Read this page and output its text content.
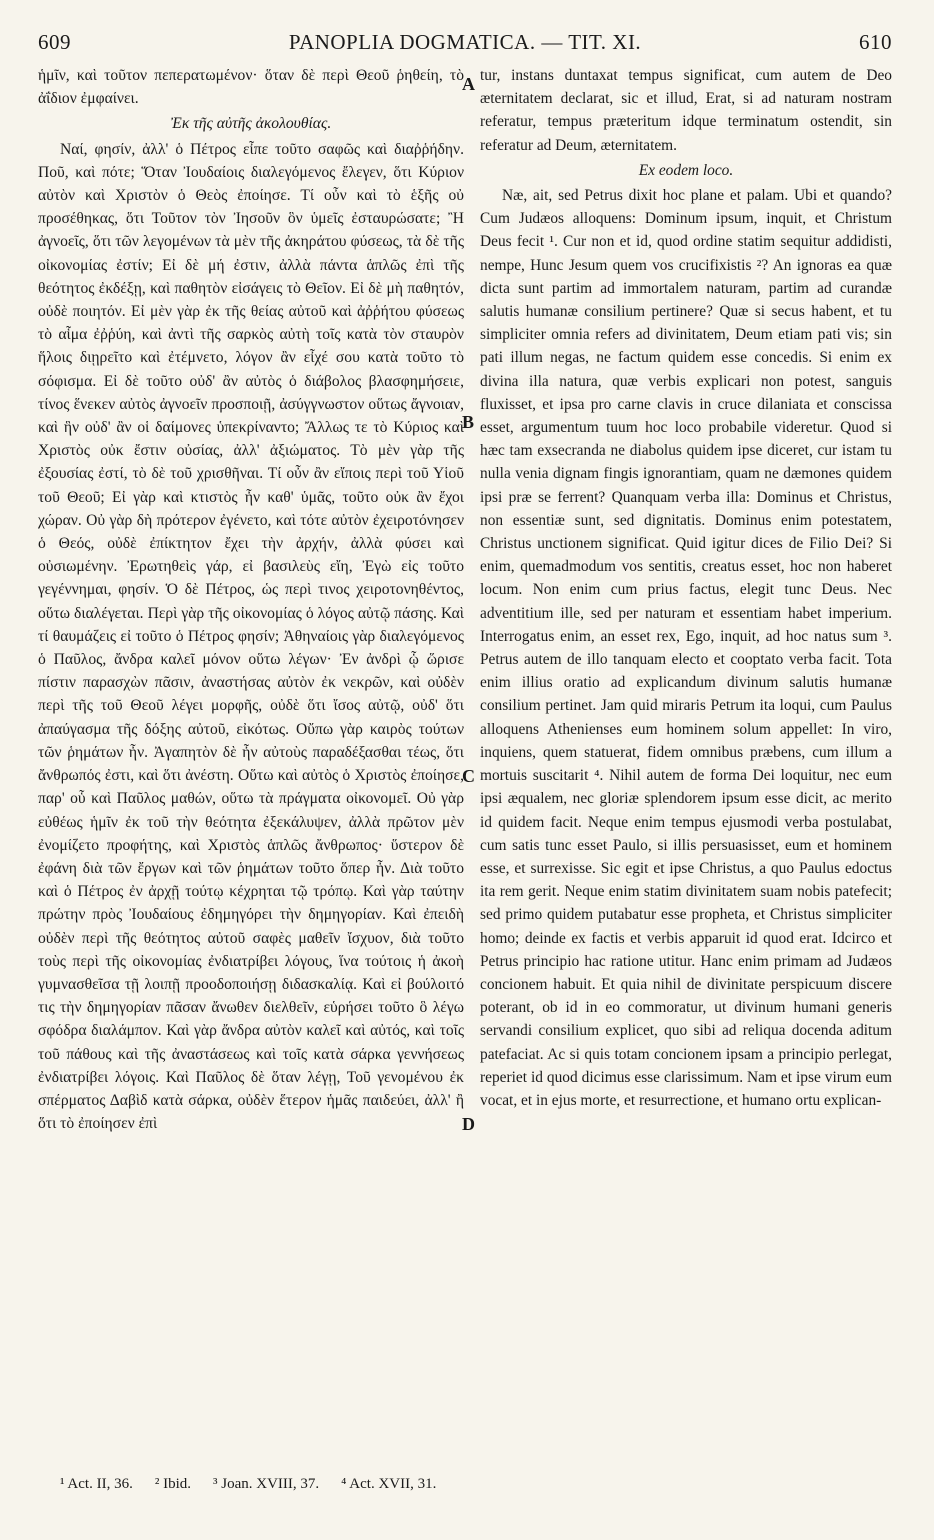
609	PANOPLIA DOGMATICA. — TIT. XI.	610

ἡμῖν, καὶ τοῦτον πεπερατωμένον· ὅταν δὲ περὶ Θεοῦ ῥηθείη, τὸ ἀΐδιον ἐμφαίνει.

Ἐκ τῆς αὐτῆς ἀκολουθίας.

Ναί, φησίν, ἀλλ' ὁ Πέτρος εἶπε τοῦτο σαφῶς καὶ διαῤῥήδην. Ποῦ, καὶ πότε; Ὅταν Ἰουδαίοις διαλεγόμενος ἔλεγεν, ὅτι Κύριον αὐτὸν καὶ Χριστὸν ὁ Θεὸς ἐποίησε. Τί οὖν καὶ τὸ ἑξῆς οὐ προσέθηκας, ὅτι Τοῦτον τὸν Ἰησοῦν ὃν ὑμεῖς ἐσταυρώσατε; Ἢ ἀγνοεῖς, ὅτι τῶν λεγομένων τὰ μὲν τῆς ἀκηράτου φύσεως, τὰ δὲ τῆς οἰκονομίας ἐστίν; Εἰ δὲ μή ἐστιν, ἀλλὰ πάντα ἁπλῶς ἐπὶ τῆς θεότητος ἐκδέξῃ, καὶ παθητὸν εἰσάγεις τὸ Θεῖον. Εἰ δὲ μὴ παθητόν, οὐδὲ ποιητόν. Εἰ μὲν γὰρ ἐκ τῆς θείας αὐτοῦ καὶ ἀῤῥήτου φύσεως τὸ αἷμα ἐῤῥύη, καὶ ἀντὶ τῆς σαρκὸς αὐτὴ τοῖς κατὰ τὸν σταυρὸν ἥλοις διῃρεῖτο καὶ ἐτέμνετο, λόγον ἂν εἶχέ σου κατὰ τοῦτο τὸ σόφισμα. Εἰ δὲ τοῦτο οὐδ' ἂν αὐτὸς ὁ διάβολος βλασφημήσειε, τίνος ἕνεκεν αὐτὸς ἀγνοεῖν προσποιῇ, ἀσύγγνωστον οὕτως ἄγνοιαν, καὶ ἣν οὐδ' ἂν οἱ δαίμονες ὑπεκρίναντο; Ἄλλως τε τὸ Κύριος καὶ Χριστὸς οὐκ ἔστιν οὐσίας, ἀλλ' ἀξιώματος. Τὸ μὲν γὰρ τῆς ἐξουσίας ἐστί, τὸ δὲ τοῦ χρισθῆναι. Τί οὖν ἂν εἴποις περὶ τοῦ Υἱοῦ τοῦ Θεοῦ; Εἰ γὰρ καὶ κτιστὸς ἦν καθ' ὑμᾶς, τοῦτο οὐκ ἂν ἔχοι χώραν. Οὐ γὰρ δὴ πρότερον ἐγένετο, καὶ τότε αὐτὸν ἐχειροτόνησεν ὁ Θεός, οὐδὲ ἐπίκτητον ἔχει τὴν ἀρχήν, ἀλλὰ φύσει καὶ οὐσιωμένην. Ἐρωτηθεὶς γάρ, εἰ βασιλεὺς εἴη, Ἐγὼ εἰς τοῦτο γεγέννημαι, φησίν. Ὁ δὲ Πέτρος, ὡς περὶ τινος χειροτονηθέντος, οὕτω διαλέγεται. Περὶ γὰρ τῆς οἰκονομίας ὁ λόγος αὐτῷ πάσης. Καὶ τί θαυμάζεις εἰ τοῦτο ὁ Πέτρος φησίν; Ἀθηναίοις γὰρ διαλεγόμενος ὁ Παῦλος, ἄνδρα καλεῖ μόνον οὕτω λέγων· Ἐν ἀνδρὶ ᾧ ὥρισε πίστιν παρασχὼν πᾶσιν, ἀναστήσας αὐτὸν ἐκ νεκρῶν, καὶ οὐδὲν περὶ τῆς τοῦ Θεοῦ λέγει μορφῆς, οὐδὲ ὅτι ἴσος αὐτῷ, οὐδ' ὅτι ἀπαύγασμα τῆς δόξης αὐτοῦ, εἰκότως. Οὔπω γὰρ καιρὸς τούτων τῶν ῥημάτων ἦν. Ἀγαπητὸν δὲ ἦν αὐτοὺς παραδέξασθαι τέως, ὅτι ἄνθρωπός ἐστι, καὶ ὅτι ἀνέστη. Οὕτω καὶ αὐτὸς ὁ Χριστὸς ἐποίησε, παρ' οὗ καὶ Παῦλος μαθών, οὕτω τὰ πράγματα οἰκονομεῖ. Οὐ γὰρ εὐθέως ἡμῖν ἐκ τοῦ τὴν θεότητα ἐξεκάλυψεν, ἀλλὰ πρῶτον μὲν ἐνομίζετο προφήτης, καὶ Χριστὸς ἁπλῶς ἄνθρωπος· ὕστερον δὲ ἐφάνη διὰ τῶν ἔργων καὶ τῶν ῥημάτων τοῦτο ὅπερ ἦν. Διὰ τοῦτο καὶ ὁ Πέτρος ἐν ἀρχῇ τούτῳ κέχρηται τῷ τρόπῳ. Καὶ γὰρ ταύτην πρώτην πρὸς Ἰουδαίους ἐδημηγόρει τὴν δημηγορίαν. Καὶ ἐπειδὴ οὐδὲν περὶ τῆς θεότητος αὐτοῦ σαφὲς μαθεῖν ἴσχυον, διὰ τοῦτο τοὺς περὶ τῆς οἰκονομίας ἐνδιατρίβει λόγους, ἵνα τούτοις ἡ ἀκοὴ γυμνασθεῖσα τῇ λοιπῇ προοδοποιήσῃ διδασκαλίᾳ. Καὶ εἰ βούλοιτό τις τὴν δημηγορίαν πᾶσαν ἄνωθεν διελθεῖν, εὑρήσει τοῦτο ὃ λέγω σφόδρα διαλάμπον. Καὶ γὰρ ἄνδρα αὐτὸν καλεῖ καὶ αὐτός, καὶ τοῖς τοῦ πάθους καὶ τῆς ἀναστάσεως καὶ τοῖς κατὰ σάρκα γεννήσεως ἐνδιατρίβει λόγοις. Καὶ Παῦλος δὲ ὅταν λέγῃ, Τοῦ γενομένου ἐκ σπέρματος Δαβὶδ κατὰ σάρκα, οὐδὲν ἕτερον ἡμᾶς παιδεύει, ἀλλ' ἢ ὅτι τὸ ἐποίησεν ἐπὶ

tur, instans duntaxat tempus significat, cum autem de Deo æternitatem declarat, sic et illud, Erat, si ad naturam nostram referatur, tempus præteritum idque terminatum ostendit, sin referatur ad Deum, æternitatem.

Ex eodem loco.

Næ, ait, sed Petrus dixit hoc plane et palam. Ubi et quando? Cum Judæos alloquens: Dominum ipsum, inquit, et Christum Deus fecit ¹. Cur non et id, quod ordine statim sequitur addidisti, nempe, Hunc Jesum quem vos crucifixistis ²? An ignoras ea quæ dicta sunt partim ad immortalem naturam, partim ad curandæ salutis humanæ consilium pertinere? Quæ si secus habent, et tu simpliciter omnia refers ad divinitatem, Deum etiam pati vis; sin pati illum negas, ne factum quidem esse concedis. Si enim ex divina illa natura, quæ verbis explicari non potest, sanguis fluxisset, et ipsa pro carne clavis in cruce dilaniata et conscissa esset, argumentum tuum hoc loco probabile videretur. Quod si hæc tam exsecranda ne diabolus quidem ipse diceret, cur istam tu nulla venia dignam fingis ignorantiam, quam ne dæmones quidem ipsi præ se ferrent? Quanquam verba illa: Dominus et Christus, non essentiæ sunt, sed dignitatis. Dominus enim potestatem, Christus unctionem significat. Quid igitur dices de Filio Dei? Si enim, quemadmodum vos sentitis, creatus esset, hoc non haberet locum. Non enim cum prius factus, elegit tunc Deus. Nec adventitium ille, sed per naturam et essentiam habet imperium. Interrogatus enim, an esset rex, Ego, inquit, ad hoc natus sum ³. Petrus autem de illo tanquam electo et cooptato verba facit. Tota enim illius oratio ad explicandum divinum salutis humanæ consilium pertinet. Jam quid miraris Petrum ita loqui, cum Paulus alloquens Athenienses eum hominem solum appellet: In viro, inquiens, quem statuerat, fidem omnibus præbens, cum illum a mortuis suscitarit ⁴. Nihil autem de forma Dei loquitur, nec eum ipsi æqualem, nec gloriæ splendorem ipsum esse dicit, ac merito id quidem facit. Neque enim tempus ejusmodi verba postulabat, cum satis tunc esset Paulo, si illis persuasisset, eum et hominem esse, et surrexisse. Sic egit et ipse Christus, a quo Paulus edoctus ita rem gerit. Neque enim statim divinitatem suam nobis patefecit; sed primo quidem putabatur esse propheta, et Christus simpliciter homo; deinde ex factis et verbis apparuit id quod erat. Idcirco et Petrus principio hac ratione utitur. Hanc enim primam ad Judæos concionem habuit. Et quia nihil de divinitate perspicuum discere poterant, ob id in eo commoratur, ut divinum humani generis servandi consilium explicet, quo sibi ad reliqua docenda aditum patefaciat. Ac si quis totam concionem ipsam a principio perlegat, reperiet id quod dicimus esse clarissimum. Nam et ipse virum eum vocat, et in ejus morte, et resurrectione, et humano ortu explican-

A
B
C
D
¹ Act. II, 36. ² Ibid. ³ Joan. XVIII, 37. ⁴ Act. XVII, 31.
